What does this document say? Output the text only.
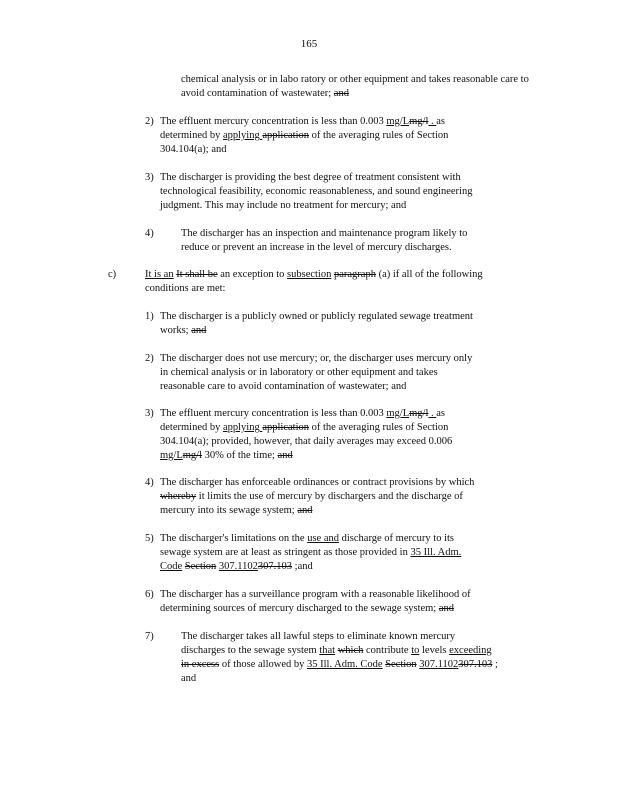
165
chemical analysis or in labo ratory or other equipment and takes reasonable care to avoid contamination of wastewater; and
2) The effluent mercury concentration is less than 0.003 mg/Lmg/l . as
determined by applying application of the averaging rules of Section
304.104(a); and
3) The discharger is providing the best degree of treatment consistent with
technological feasibility, economic reasonableness, and sound engineering
judgment. This may include no treatment for mercury; and
4)	The discharger has an inspection and maintenance program likely to
reduce or prevent an increase in the level of mercury discharges.
c)	It is an It shall be an exception to subsection paragraph (a) if all of the following
conditions are met:
1) The discharger is a publicly owned or publicly regulated sewage treatment
works; and
2) The discharger does not use mercury; or, the discharger uses mercury only
in chemical analysis or in laboratory or other equipment and takes
reasonable care to avoid contamination of wastewater; and
3) The effluent mercury concentration is less than 0.003 mg/Lmg/l . as
determined by applying application of the averaging rules of Section
304.104(a); provided, however, that daily averages may exceed 0.006
mg/Lmg/l 30% of the time; and
4) The discharger has enforceable ordinances or contract provisions by which
whereby it limits the use of mercury by dischargers and the discharge of
mercury into its sewage system; and
5) The discharger's limitations on the use and discharge of mercury to its
sewage system are at least as stringent as those provided in 35 Ill. Adm.
Code Section 307.1102307.103 ;and
6) The discharger has a surveillance program with a reasonable likelihood of
determining sources of mercury discharged to the sewage system; and
7)	The discharger takes all lawful steps to eliminate known mercury
discharges to the sewage system that which contribute to levels exceeding
in excess of those allowed by 35 Ill. Adm. Code Section 307.1102307.103 ;
and
